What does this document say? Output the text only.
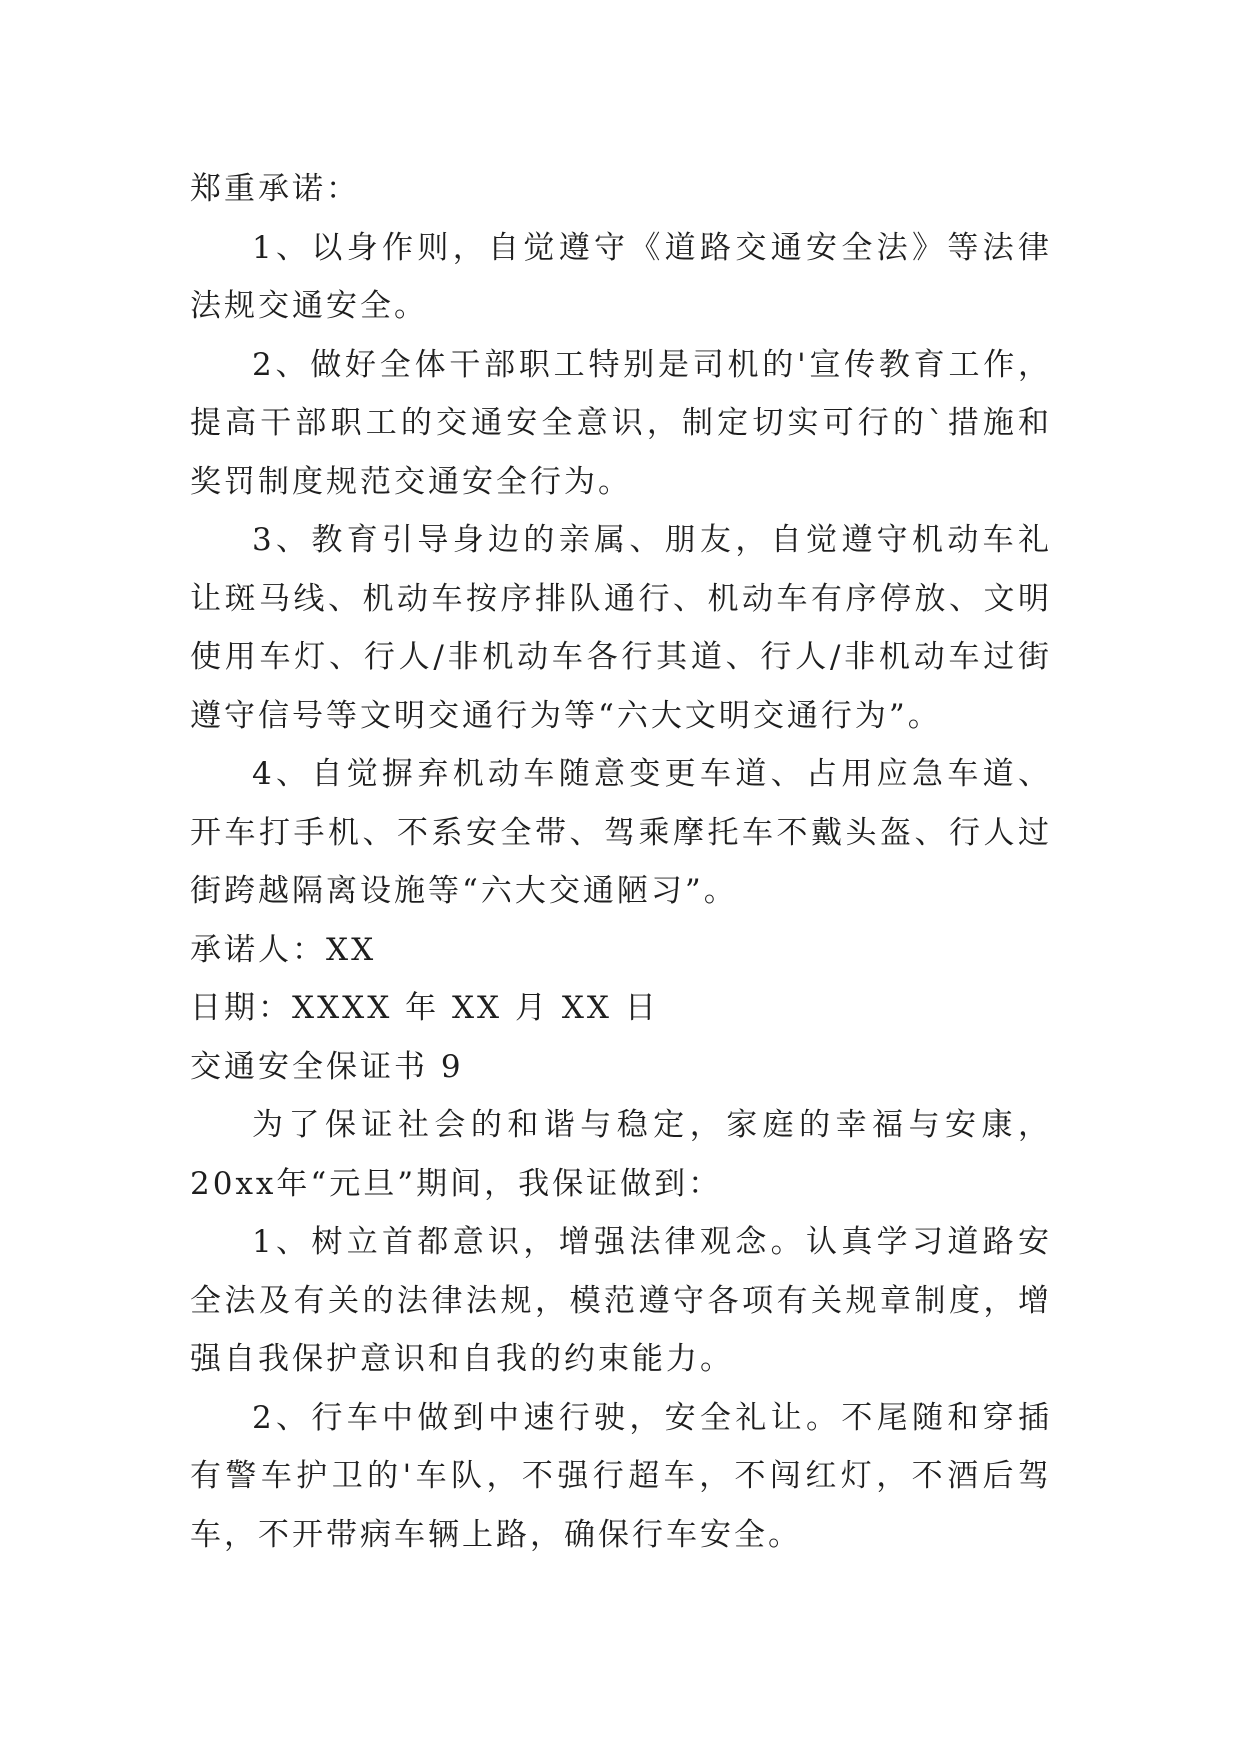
郑重承诺：

1、以身作则，自觉遵守《道路交通安全法》等法律法规交通安全。

2、做好全体干部职工特别是司机的'宣传教育工作，提高干部职工的交通安全意识，制定切实可行的`措施和奖罚制度规范交通安全行为。

3、教育引导身边的亲属、朋友，自觉遵守机动车礼让斑马线、机动车按序排队通行、机动车有序停放、文明使用车灯、行人/非机动车各行其道、行人/非机动车过街遵守信号等文明交通行为等“六大文明交通行为”。

4、自觉摒弃机动车随意变更车道、占用应急车道、开车打手机、不系安全带、驾乘摩托车不戴头盔、行人过街跨越隔离设施等“六大交通陋习”。

承诺人：XX

日期：XXXX 年 XX 月 XX 日

交通安全保证书 9

为了保证社会的和谐与稳定，家庭的幸福与安康，20xx年“元旦”期间，我保证做到：

1、树立首都意识，增强法律观念。认真学习道路安全法及有关的法律法规，模范遵守各项有关规章制度，增强自我保护意识和自我的约束能力。

2、行车中做到中速行驶，安全礼让。不尾随和穿插有警车护卫的'车队，不强行超车，不闯红灯，不酒后驾车，不开带病车辆上路，确保行车安全。
